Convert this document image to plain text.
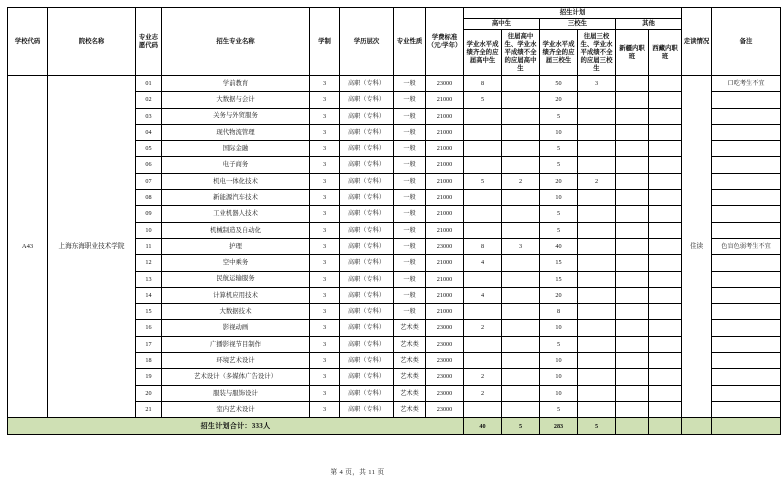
学校代码	院校名称	专业志愿代码	招生专业名称	学制	学历层次	专业性质	学费标准（元/学年）	招生计划						走读情况	备注
								高中生		三校生		其他			

								学业水平成绩齐全的应届高中生	往届高中生、学业水平成绩不全的应届高中生	学业水平成绩齐全的应届三校生	往届三校生、学业水平成绩不全的应届三校生	新疆内职班	西藏内职班		

A43	上海东海职业技术学院	01	学前教育	3	高职（专科）	一般	23000	8		50	3			住读	口吃考生不宜
		02	大数据与会计	3	高职（专科）	一般	21000	5		20					
		03	关务与外贸服务	3	高职（专科）	一般	21000			5					
		04	现代物流管理	3	高职（专科）	一般	21000			10					
		05	国际金融	3	高职（专科）	一般	21000			5					
		06	电子商务	3	高职（专科）	一般	21000			5					
		07	机电一体化技术	3	高职（专科）	一般	21000	5	2	20	2				
		08	新能源汽车技术	3	高职（专科）	一般	21000			10					
		09	工业机器人技术	3	高职（专科）	一般	21000			5					
		10	机械制造及自动化	3	高职（专科）	一般	21000			5					
		11	护理	3	高职（专科）	一般	23000	8	3	40					色盲色弱考生不宜
		12	空中乘务	3	高职（专科）	一般	21000	4		15					
		13	民航运输服务	3	高职（专科）	一般	21000			15					
		14	计算机应用技术	3	高职（专科）	一般	21000	4		20					
		15	大数据技术	3	高职（专科）	一般	21000			8					
		16	影视动画	3	高职（专科）	艺术类	23000	2		10					
		17	广播影视节目制作	3	高职（专科）	艺术类	23000			5					
		18	环境艺术设计	3	高职（专科）	艺术类	23000			10					
		19	艺术设计（多媒体广告设计）	3	高职（专科）	艺术类	23000	2		10					
		20	服装与服饰设计	3	高职（专科）	艺术类	23000	2		10					
		21	室内艺术设计	3	高职（专科）	艺术类	23000			5					
招生计划合计：333人								40	5	283	5				
第 4 页，共 11 页
